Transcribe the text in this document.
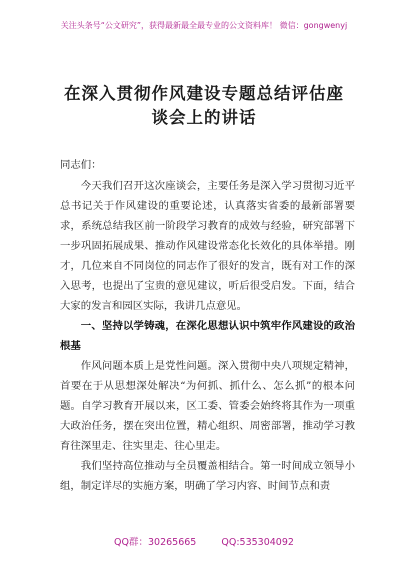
关注头条号“公文研究”，获得最新最全最专业的公文资料库！ 微信：gongwenyj
在深入贯彻作风建设专题总结评估座
谈会上的讲话

同志们：

今天我们召开这次座谈会，主要任务是深入学习贯彻习近平总书记关于作风建设的重要论述，认真落实省委的最新部署要求，系统总结我区前一阶段学习教育的成效与经验，研究部署下一步巩固拓展成果、推动作风建设常态化长效化的具体举措。刚才，几位来自不同岗位的同志作了很好的发言，既有对工作的深入思考，也提出了宝贵的意见建议，听后很受启发。下面，结合大家的发言和园区实际，我讲几点意见。

一、坚持以学铸魂，在深化思想认识中筑牢作风建设的政治根基

作风问题本质上是党性问题。深入贯彻中央八项规定精神，首要在于从思想深处解决“为何抓、抓什么、怎么抓”的根本问题。自学习教育开展以来，区工委、管委会始终将其作为一项重大政治任务，摆在突出位置，精心组织、周密部署，推动学习教育往深里走、往实里走、往心里走。

我们坚持高位推动与全员覆盖相结合。第一时间成立领导小组，制定详尽的实施方案，明确了学习内容、时间节点和责

QQ群：30265665	QQ:535304092
